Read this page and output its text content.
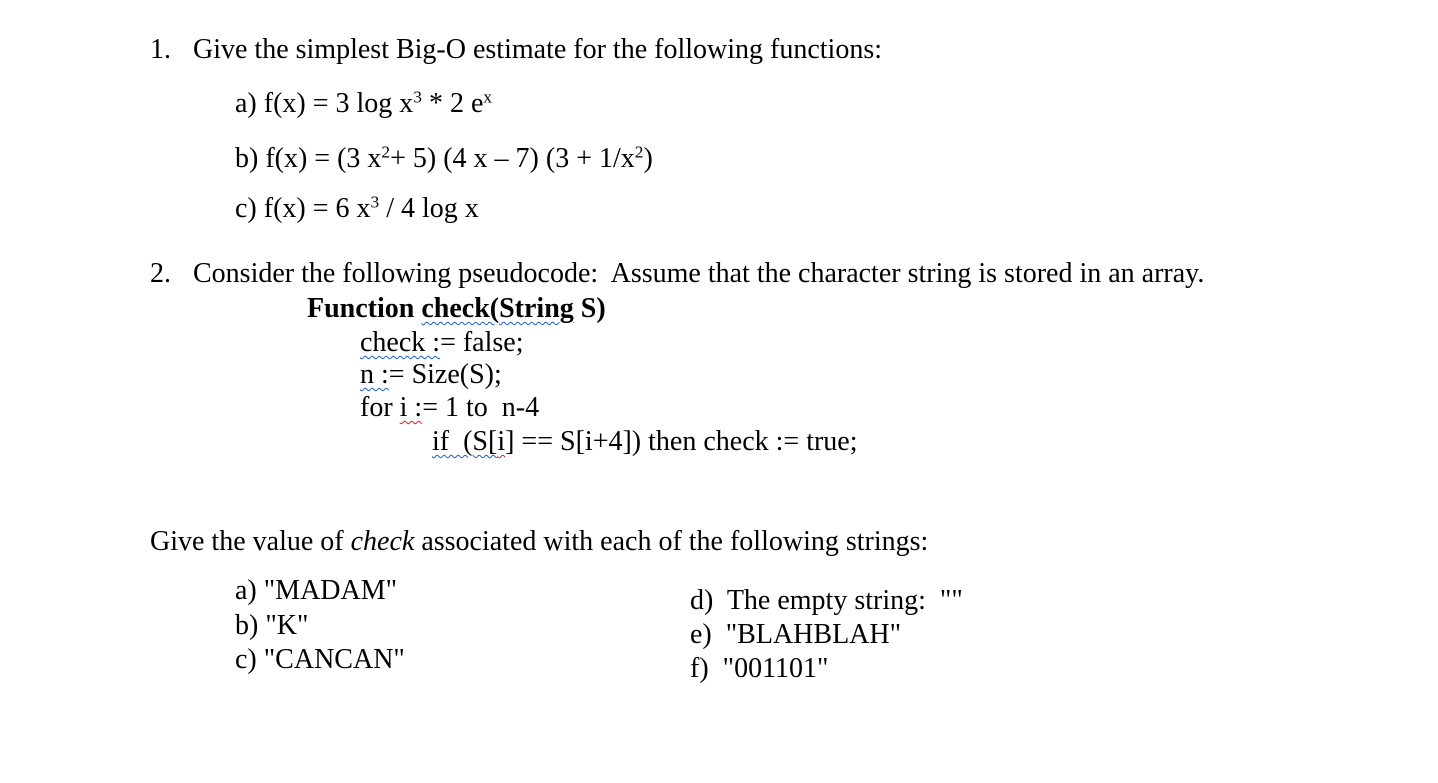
1. Give the simplest Big-O estimate for the following functions:
a) f(x) = 3 $\log x^3 * 2$ $e^x$
b) f(x) = (3 $x^2+ 5$) (4 x – 7) $(3 + 1/x^2)$
c) f(x) = 6 $x^3 / 4$ log x
2. Consider the following pseudocode:  Assume that the character string is stored in an array.
Function check(String S)
check := false;
n := Size(S);
for i := 1 to  n-4
if  (S[i] == S[i+4]) then check := true;
Give the value of check associated with each of the following strings:
a) "MADAM"
b) "K"
c) "CANCAN"
d)  The empty string:  ""
e)  "BLAHBLAH"
f)  "001101"
